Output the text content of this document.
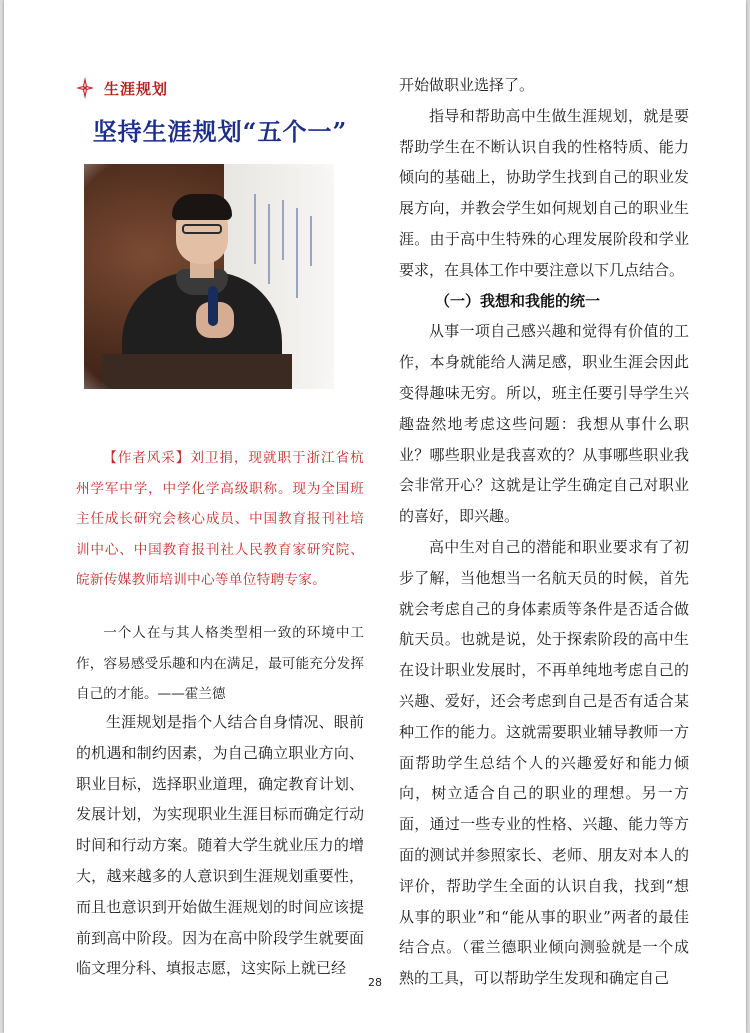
生涯规划
坚持生涯规划“五个一”

【作者风采】刘卫捐，现就职于浙江省杭州学军中学，中学化学高级职称。现为全国班主任成长研究会核心成员、中国教育报刊社培训中心、中国教育报刊社人民教育家研究院、皖新传媒教师培训中心等单位特聘专家。

一个人在与其人格类型相一致的环境中工作，容易感受乐趣和内在满足，最可能充分发挥自己的才能。——霍兰德

生涯规划是指个人结合自身情况、眼前的机遇和制约因素，为自己确立职业方向、职业目标，选择职业道理，确定教育计划、发展计划，为实现职业生涯目标而确定行动时间和行动方案。随着大学生就业压力的增大，越来越多的人意识到生涯规划重要性，而且也意识到开始做生涯规划的时间应该提前到高中阶段。因为在高中阶段学生就要面临文理分科、填报志愿，这实际上就已经

开始做职业选择了。

指导和帮助高中生做生涯规划，就是要帮助学生在不断认识自我的性格特质、能力倾向的基础上，协助学生找到自己的职业发展方向，并教会学生如何规划自己的职业生涯。由于高中生特殊的心理发展阶段和学业要求，在具体工作中要注意以下几点结合。

（一）我想和我能的统一

从事一项自己感兴趣和觉得有价值的工作，本身就能给人满足感，职业生涯会因此变得趣味无穷。所以，班主任要引导学生兴趣盎然地考虑这些问题：我想从事什么职业？哪些职业是我喜欢的？从事哪些职业我会非常开心？这就是让学生确定自己对职业的喜好，即兴趣。

高中生对自己的潜能和职业要求有了初步了解，当他想当一名航天员的时候，首先就会考虑自己的身体素质等条件是否适合做航天员。也就是说，处于探索阶段的高中生在设计职业发展时，不再单纯地考虑自己的兴趣、爱好，还会考虑到自己是否有适合某种工作的能力。这就需要职业辅导教师一方面帮助学生总结个人的兴趣爱好和能力倾向，树立适合自己的职业的理想。另一方面，通过一些专业的性格、兴趣、能力等方面的测试并参照家长、老师、朋友对本人的评价，帮助学生全面的认识自我，找到“想从事的职业”和“能从事的职业”两者的最佳结合点。（霍兰德职业倾向测验就是一个成熟的工具，可以帮助学生发现和确定自己

28
